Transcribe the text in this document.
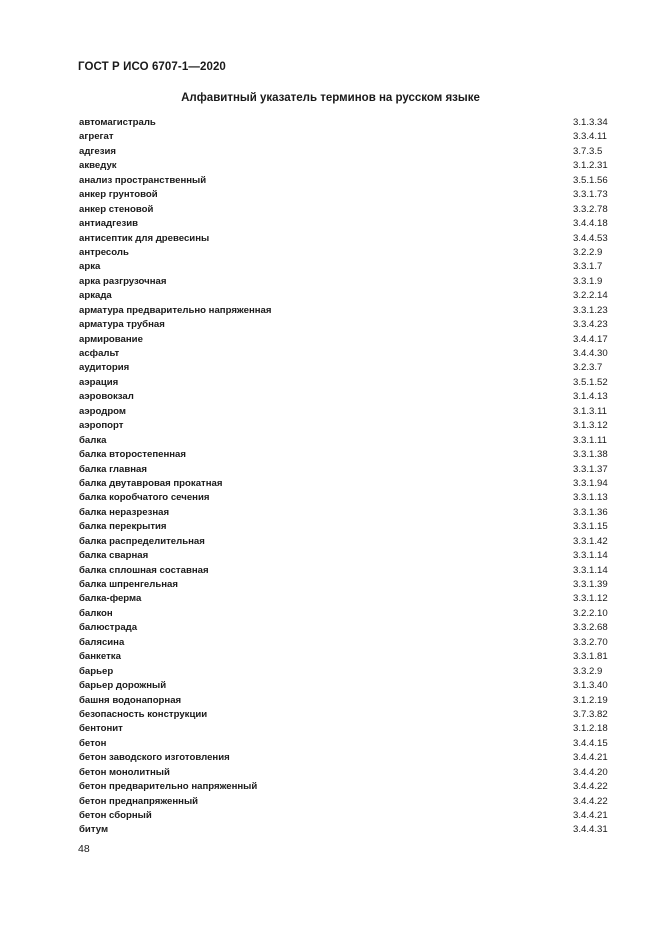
ГОСТ Р ИСО 6707-1—2020
Алфавитный указатель терминов на русском языке
автомагистраль	3.1.3.34
агрегат	3.3.4.11
адгезия	3.7.3.5
акведук	3.1.2.31
анализ пространственный	3.5.1.56
анкер грунтовой	3.3.1.73
анкер стеновой	3.3.2.78
антиадгезив	3.4.4.18
антисептик для древесины	3.4.4.53
антресоль	3.2.2.9
арка	3.3.1.7
арка разгрузочная	3.3.1.9
аркада	3.2.2.14
арматура предварительно напряженная	3.3.1.23
арматура трубная	3.3.4.23
армирование	3.4.4.17
асфальт	3.4.4.30
аудитория	3.2.3.7
аэрация	3.5.1.52
аэровокзал	3.1.4.13
аэродром	3.1.3.11
аэропорт	3.1.3.12
балка	3.3.1.11
балка второстепенная	3.3.1.38
балка главная	3.3.1.37
балка двутавровая прокатная	3.3.1.94
балка коробчатого сечения	3.3.1.13
балка неразрезная	3.3.1.36
балка перекрытия	3.3.1.15
балка распределительная	3.3.1.42
балка сварная	3.3.1.14
балка сплошная составная	3.3.1.14
балка шпренгельная	3.3.1.39
балка-ферма	3.3.1.12
балкон	3.2.2.10
балюстрада	3.3.2.68
балясина	3.3.2.70
банкетка	3.3.1.81
барьер	3.3.2.9
барьер дорожный	3.1.3.40
башня водонапорная	3.1.2.19
безопасность конструкции	3.7.3.82
бентонит	3.1.2.18
бетон	3.4.4.15
бетон заводского изготовления	3.4.4.21
бетон монолитный	3.4.4.20
бетон предварительно напряженный	3.4.4.22
бетон преднапряженный	3.4.4.22
бетон сборный	3.4.4.21
битум	3.4.4.31
48
